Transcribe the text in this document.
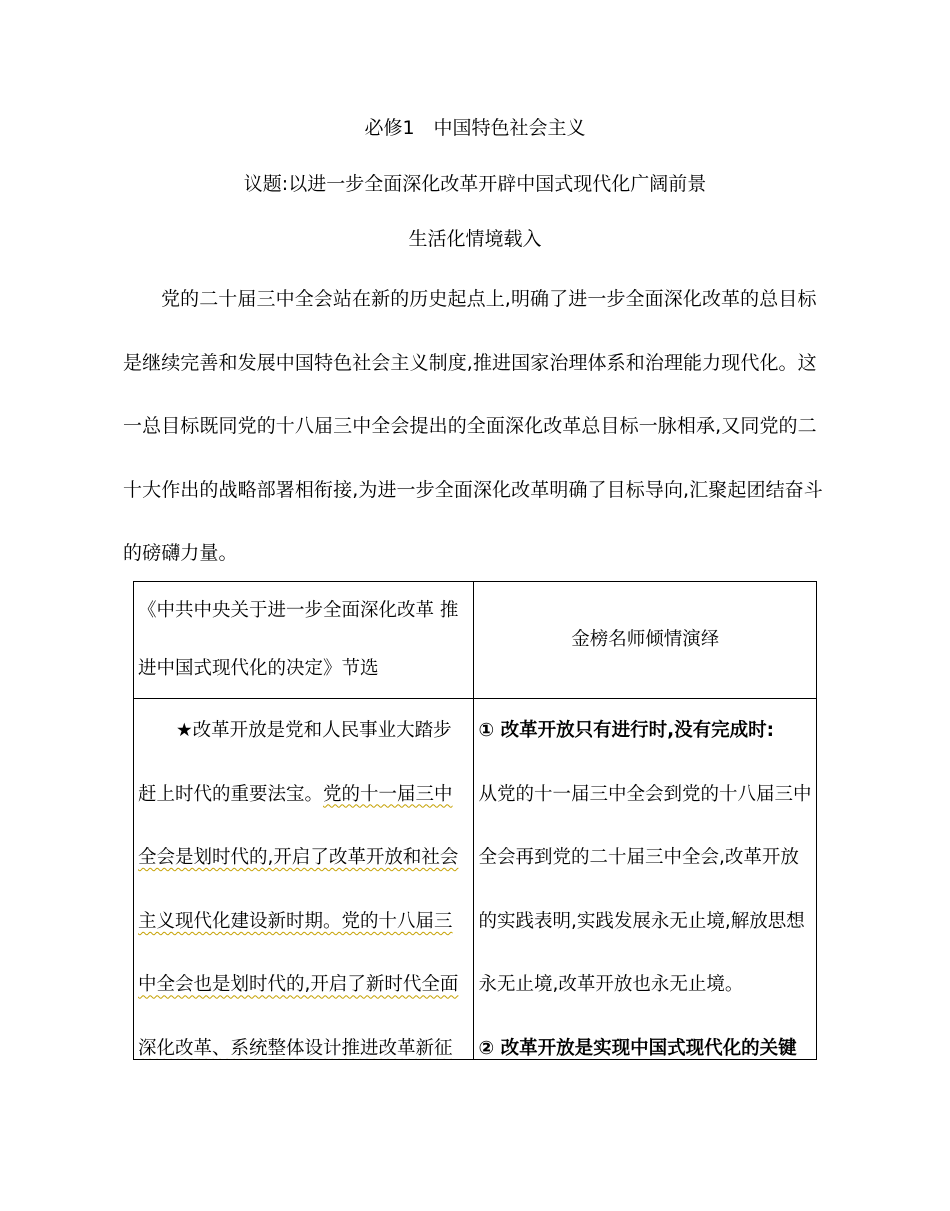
必修1　中国特色社会主义
议题:以进一步全面深化改革开辟中国式现代化广阔前景
生活化情境载入

党的二十届三中全会站在新的历史起点上,明确了进一步全面深化改革的总目标是继续完善和发展中国特色社会主义制度,推进国家治理体系和治理能力现代化。这一总目标既同党的十八届三中全会提出的全面深化改革总目标一脉相承,又同党的二十大作出的战略部署相衔接,为进一步全面深化改革明确了目标导向,汇聚起团结奋斗的磅礴力量。

《中共中央关于进一步全面深化改革 推进中国式现代化的决定》节选	金榜名师倾情演绎

★改革开放是党和人民事业大踏步赶上时代的重要法宝。党的十一届三中全会是划时代的,开启了改革开放和社会主义现代化建设新时期。党的十八届三中全会也是划时代的,开启了新时代全面深化改革、系统整体设计推进改革新征	① 改革开放只有进行时,没有完成时:
从党的十一届三中全会到党的十八届三中全会再到党的二十届三中全会,改革开放的实践表明,实践发展永无止境,解放思想永无止境,改革开放也永无止境。
② 改革开放是实现中国式现代化的关键
